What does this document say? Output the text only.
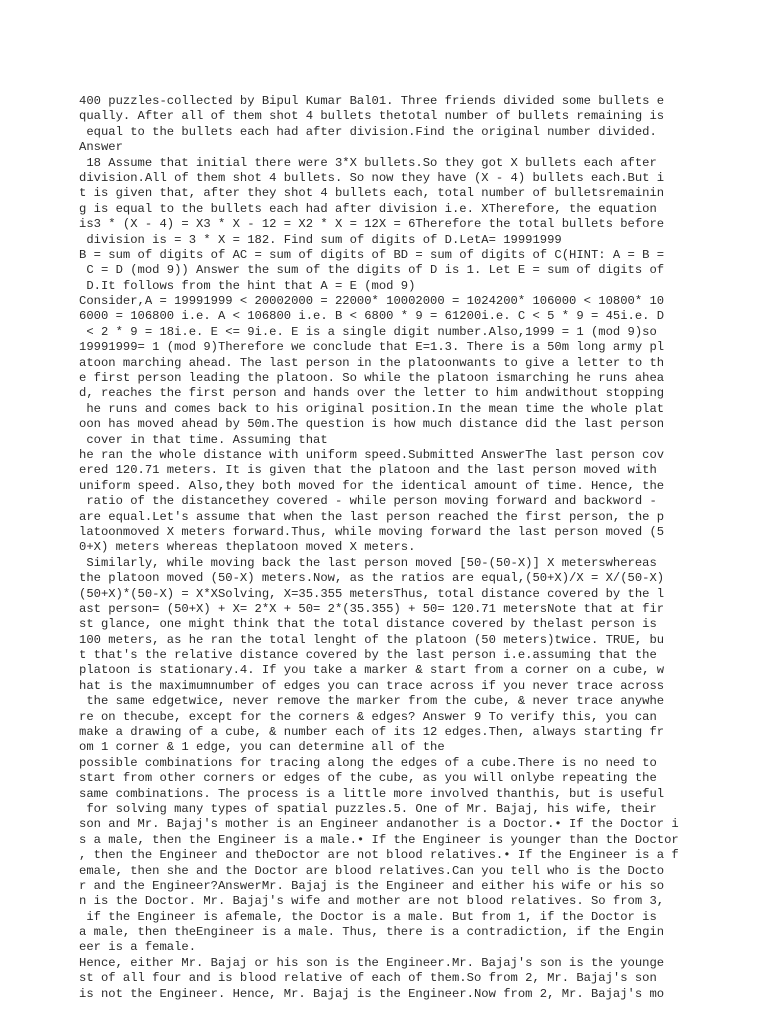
400 puzzles-collected by Bipul Kumar Bal01. Three friends divided some bullets e
qually. After all of them shot 4 bullets thetotal number of bullets remaining is
equal to the bullets each had after division.Find the original number divided.
Answer
18 Assume that initial there were 3*X bullets.So they got X bullets each after
division.All of them shot 4 bullets. So now they have (X - 4) bullets each.But i
t is given that, after they shot 4 bullets each, total number of bulletsremainin
g is equal to the bullets each had after division i.e. XTherefore, the equation
is3 * (X - 4) = X3 * X - 12 = X2 * X = 12X = 6Therefore the total bullets before
division is = 3 * X = 182. Find sum of digits of D.LetA= 19991999
B = sum of digits of AC = sum of digits of BD = sum of digits of C(HINT: A = B =
C = D (mod 9)) Answer the sum of the digits of D is 1. Let E = sum of digits of
D.It follows from the hint that A = E (mod 9)
Consider,A = 19991999 < 20002000 = 22000* 10002000 = 1024200* 106000 < 10800* 10
6000 = 106800 i.e. A < 106800 i.e. B < 6800 * 9 = 61200i.e. C < 5 * 9 = 45i.e. D
< 2 * 9 = 18i.e. E <= 9i.e. E is a single digit number.Also,1999 = 1 (mod 9)so
19991999= 1 (mod 9)Therefore we conclude that E=1.3. There is a 50m long army pl
atoon marching ahead. The last person in the platoonwants to give a letter to th
e first person leading the platoon. So while the platoon ismarching he runs ahea
d, reaches the first person and hands over the letter to him andwithout stopping
he runs and comes back to his original position.In the mean time the whole plat
oon has moved ahead by 50m.The question is how much distance did the last person
cover in that time. Assuming that
he ran the whole distance with uniform speed.Submitted AnswerThe last person cov
ered 120.71 meters. It is given that the platoon and the last person moved with
uniform speed. Also,they both moved for the identical amount of time. Hence, the
ratio of the distancethey covered - while person moving forward and backword -
are equal.Let's assume that when the last person reached the first person, the p
latoonmoved X meters forward.Thus, while moving forward the last person moved (5
0+X) meters whereas theplatoon moved X meters.
Similarly, while moving back the last person moved [50-(50-X)] X meterswhereas
the platoon moved (50-X) meters.Now, as the ratios are equal,(50+X)/X = X/(50-X)
(50+X)*(50-X) = X*XSolving, X=35.355 metersThus, total distance covered by the l
ast person= (50+X) + X= 2*X + 50= 2*(35.355) + 50= 120.71 metersNote that at fir
st glance, one might think that the total distance covered by thelast person is
100 meters, as he ran the total lenght of the platoon (50 meters)twice. TRUE, bu
t that's the relative distance covered by the last person i.e.assuming that the
platoon is stationary.4. If you take a marker & start from a corner on a cube, w
hat is the maximumnumber of edges you can trace across if you never trace across
the same edgetwice, never remove the marker from the cube, & never trace anywhe
re on thecube, except for the corners & edges? Answer 9 To verify this, you can
make a drawing of a cube, & number each of its 12 edges.Then, always starting fr
om 1 corner & 1 edge, you can determine all of the
possible combinations for tracing along the edges of a cube.There is no need to
start from other corners or edges of the cube, as you will onlybe repeating the
same combinations. The process is a little more involved thanthis, but is useful
for solving many types of spatial puzzles.5. One of Mr. Bajaj, his wife, their
son and Mr. Bajaj's mother is an Engineer andanother is a Doctor.• If the Doctor i
s a male, then the Engineer is a male.• If the Engineer is younger than the Doctor
, then the Engineer and theDoctor are not blood relatives.• If the Engineer is a f
emale, then she and the Doctor are blood relatives.Can you tell who is the Docto
r and the Engineer?AnswerMr. Bajaj is the Engineer and either his wife or his so
n is the Doctor. Mr. Bajaj's wife and mother are not blood relatives. So from 3,
if the Engineer is afemale, the Doctor is a male. But from 1, if the Doctor is
a male, then theEngineer is a male. Thus, there is a contradiction, if the Engin
eer is a female.
Hence, either Mr. Bajaj or his son is the Engineer.Mr. Bajaj's son is the younge
st of all four and is blood relative of each of them.So from 2, Mr. Bajaj's son
is not the Engineer. Hence, Mr. Bajaj is the Engineer.Now from 2, Mr. Bajaj's mo
